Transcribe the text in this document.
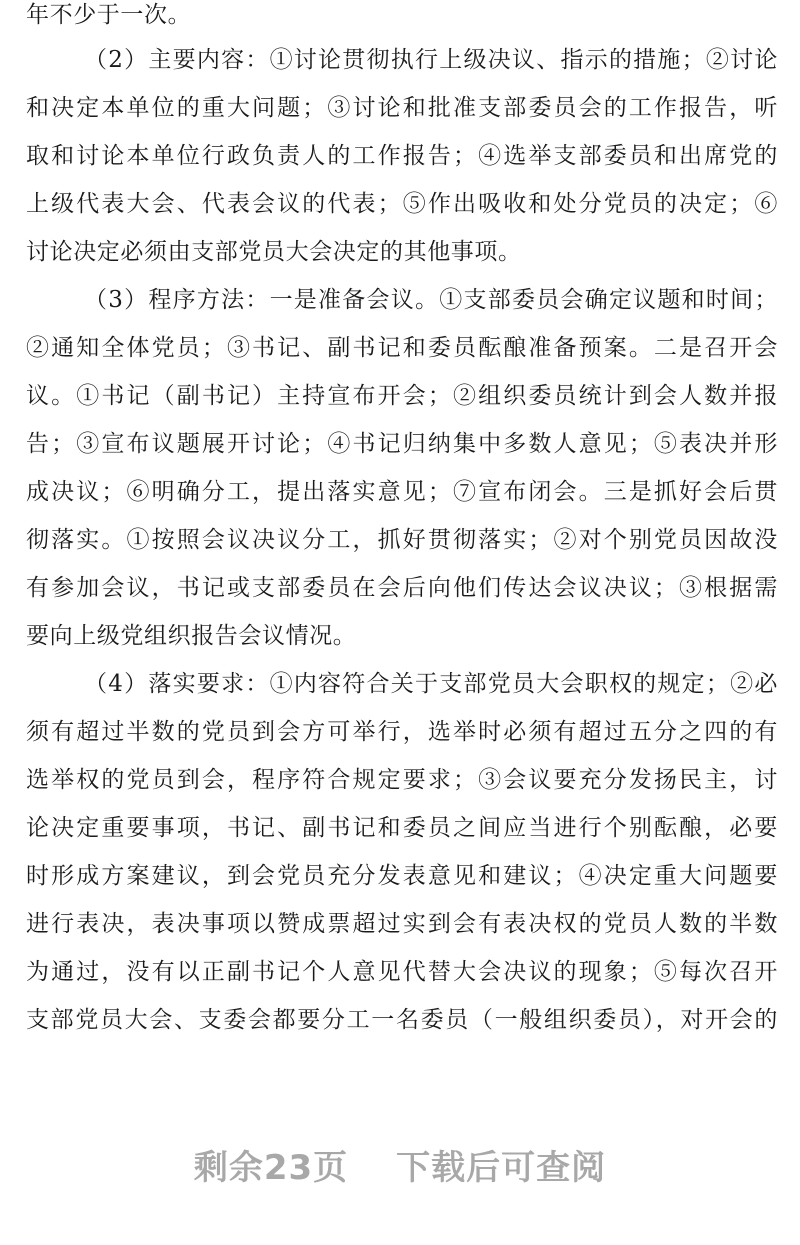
年不少于一次。
（2）主要内容：①讨论贯彻执行上级决议、指示的措施；②讨论
和决定本单位的重大问题；③讨论和批准支部委员会的工作报告，听
取和讨论本单位行政负责人的工作报告；④选举支部委员和出席党的
上级代表大会、代表会议的代表；⑤作出吸收和处分党员的决定；⑥
讨论决定必须由支部党员大会决定的其他事项。
（3）程序方法：一是准备会议。①支部委员会确定议题和时间；
②通知全体党员；③书记、副书记和委员酝酿准备预案。二是召开会
议。①书记（副书记）主持宣布开会；②组织委员统计到会人数并报
告；③宣布议题展开讨论；④书记归纳集中多数人意见；⑤表决并形
成决议；⑥明确分工，提出落实意见；⑦宣布闭会。三是抓好会后贯
彻落实。①按照会议决议分工，抓好贯彻落实；②对个别党员因故没
有参加会议，书记或支部委员在会后向他们传达会议决议；③根据需
要向上级党组织报告会议情况。
（4）落实要求：①内容符合关于支部党员大会职权的规定；②必
须有超过半数的党员到会方可举行，选举时必须有超过五分之四的有
选举权的党员到会，程序符合规定要求；③会议要充分发扬民主，讨
论决定重要事项，书记、副书记和委员之间应当进行个别酝酿，必要
时形成方案建议，到会党员充分发表意见和建议；④决定重大问题要
进行表决，表决事项以赞成票超过实到会有表决权的党员人数的半数
为通过，没有以正副书记个人意见代替大会决议的现象；⑤每次召开
支部党员大会、支委会都要分工一名委员（一般组织委员），对开会的
剩余23页 下载后可查阅
